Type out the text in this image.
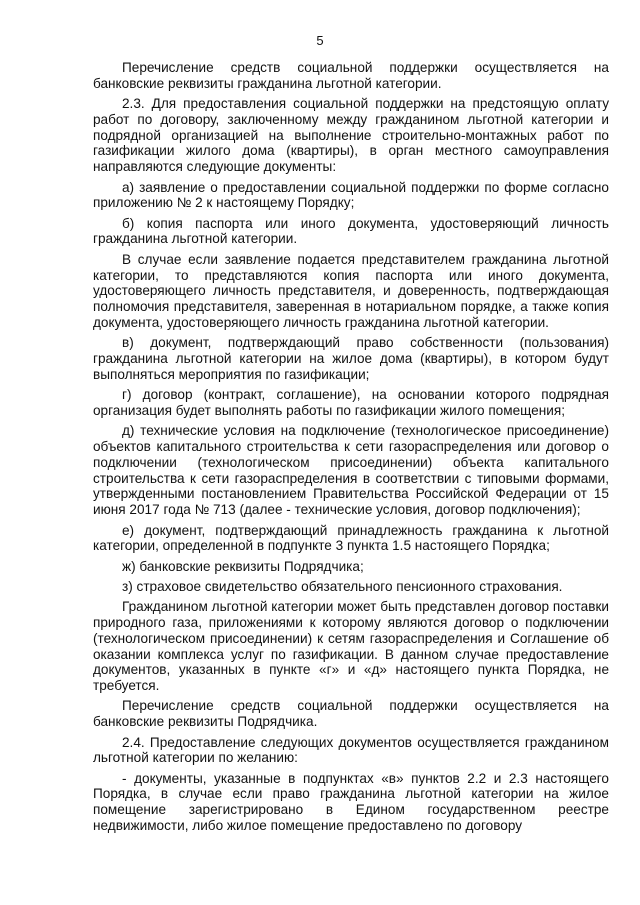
5

Перечисление средств социальной поддержки осуществляется на банковские реквизиты гражданина льготной категории.

2.3. Для предоставления социальной поддержки на предстоящую оплату работ по договору, заключенному между гражданином льготной категории и подрядной организацией на выполнение строительно-монтажных работ по газификации жилого дома (квартиры), в орган местного самоуправления направляются следующие документы:

а) заявление о предоставлении социальной поддержки по форме согласно приложению № 2 к настоящему Порядку;

б) копия паспорта или иного документа, удостоверяющий личность гражданина льготной категории.

В случае если заявление подается представителем гражданина льготной категории, то представляются копия паспорта или иного документа, удостоверяющего личность представителя, и доверенность, подтверждающая полномочия представителя, заверенная в нотариальном порядке, а также копия документа, удостоверяющего личность гражданина льготной категории.

в) документ, подтверждающий право собственности (пользования) гражданина льготной категории на жилое дома (квартиры), в котором будут выполняться мероприятия по газификации;

г) договор (контракт, соглашение), на основании которого подрядная организация будет выполнять работы по газификации жилого помещения;

д) технические условия на подключение (технологическое присоединение) объектов капитального строительства к сети газораспределения или договор о подключении (технологическом присоединении) объекта капитального строительства к сети газораспределения в соответствии с типовыми формами, утвержденными постановлением Правительства Российской Федерации от 15 июня 2017 года № 713 (далее - технические условия, договор подключения);

е) документ, подтверждающий принадлежность гражданина к льготной категории, определенной в подпункте 3 пункта 1.5 настоящего Порядка;

ж) банковские реквизиты Подрядчика;

з) страховое свидетельство обязательного пенсионного страхования.

Гражданином льготной категории может быть представлен договор поставки природного газа, приложениями к которому являются договор о подключении (технологическом присоединении) к сетям газораспределения и Соглашение об оказании комплекса услуг по газификации. В данном случае предоставление документов, указанных в пункте «г» и «д» настоящего пункта Порядка, не требуется.

Перечисление средств социальной поддержки осуществляется на банковские реквизиты Подрядчика.

2.4. Предоставление следующих документов осуществляется гражданином льготной категории по желанию:

- документы, указанные в подпунктах «в» пунктов 2.2 и 2.3 настоящего Порядка, в случае если право гражданина льготной категории на жилое помещение зарегистрировано в Едином государственном реестре недвижимости, либо жилое помещение предоставлено по договору
